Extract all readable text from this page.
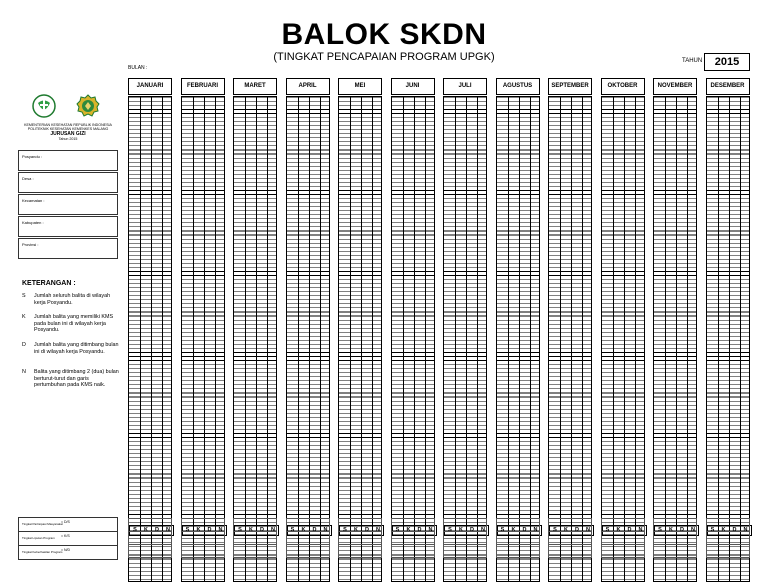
BALOK SKDN
(TINGKAT PENCAPAIAN PROGRAM UPGK)	TAHUN : 2015
BULAN :
KEMENTERIAN KESEHATAN REPUBLIK INDONESIA
POLITEKNIK KESEHATAN KEMENKES MALANG
JURUSAN GIZI
Tahun 2015
Posyandu :
Desa :
Kecamatan :
Kabupaten :
Provinsi :
KETERANGAN :
S Jumlah seluruh balita di wilayah kerja Posyandu.
K Jumlah balita yang memiliki KMS pada bulan ini di wilayah kerja Posyandu.
D Jumlah balita yang ditimbang bulan ini di wilayah kerja Posyandu.
N Balita yang ditimbang 2 (dua) bulan berturut-turut dan garis pertumbuhan pada KMS naik.
Tingkat Partisipasi Masyarakat
= D/S
Tingkat Liputan Program = K/S
Tingkat Keberhasilan Program
= N/D
JANUARI
S	K	D	N
FEBRUARI
S	K	D	N
MARET
S	K	D	N
APRIL
S	K	D	N
MEI
S	K	D	N
JUNI
S	K	D	N
JULI
S	K	D	N
AGUSTUS
S	K	D	N
SEPTEMBER
S	K	D	N
OKTOBER
S	K	D	N
NOVEMBER
S	K	D	N
DESEMBER
S	K	D	N
